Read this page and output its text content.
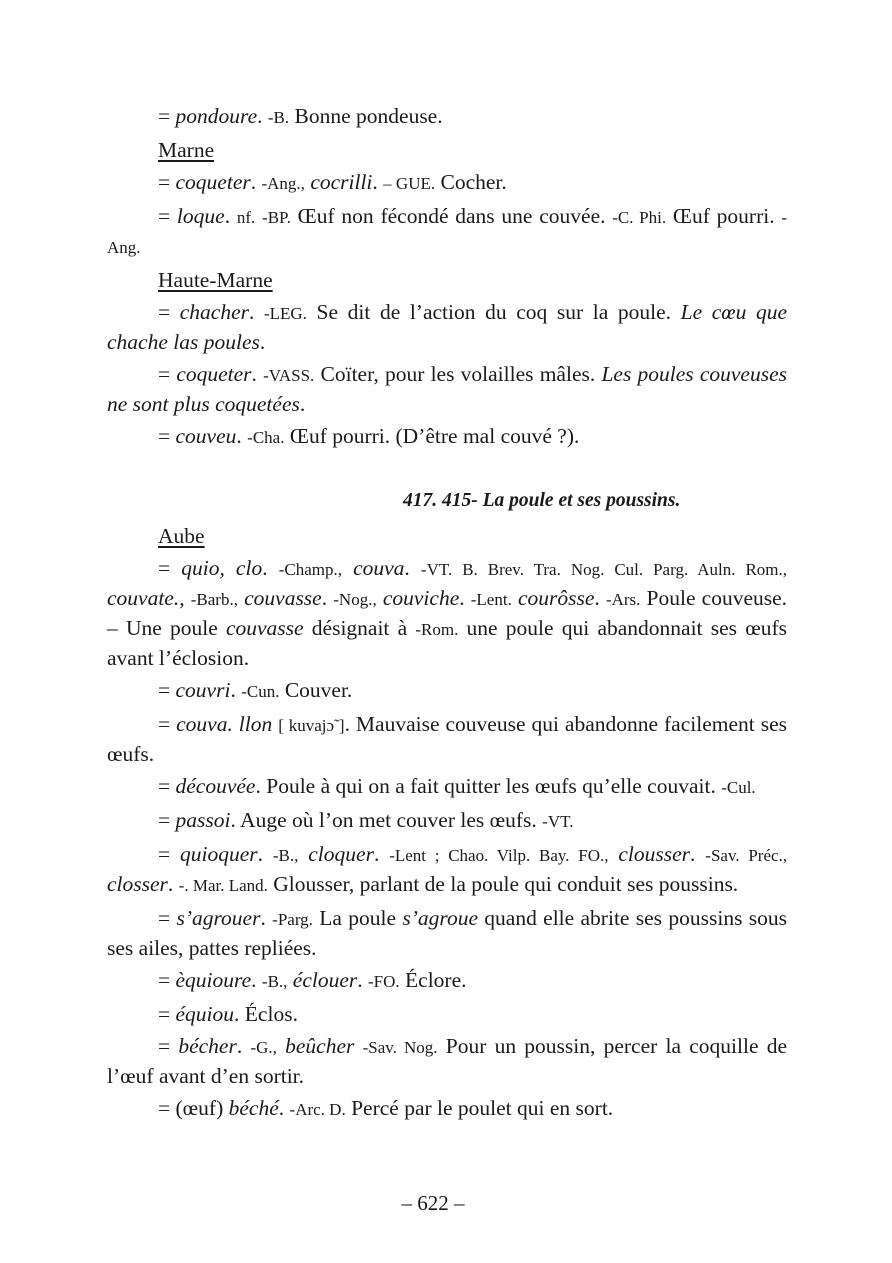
= pondoure. -B. Bonne pondeuse.

Marne

= coqueter. -Ang., cocrilli. – GUE. Cocher.

= loque. nf. -BP. Œuf non fécondé dans une couvée. -C. Phi. Œuf pourri. -Ang.

Haute-Marne

= chacher. -LEG. Se dit de l’action du coq sur la poule. Le cœu que chache las poules.

= coqueter. -VASS. Coïter, pour les volailles mâles. Les poules couveuses ne sont plus coquetées.

= couveu. -Cha. Œuf pourri. (D’être mal couvé ?).

417. 415- La poule et ses poussins.

Aube

= quio, clo. -Champ., couva. -VT. B. Brev. Tra. Nog. Cul. Parg. Auln. Rom., couvate., -Barb., couvasse. -Nog., couviche. -Lent. courôsse. -Ars. Poule couveuse. – Une poule couvasse désignait à -Rom. une poule qui abandonnait ses œufs avant l’éclosion.

= couvri. -Cun. Couver.

= couva. llon [ kuvajɔ̃ ]. Mauvaise couveuse qui abandonne facilement ses œufs.

= découvée. Poule à qui on a fait quitter les œufs qu’elle couvait. -Cul.

= passoi. Auge où l’on met couver les œufs. -VT.

= quioquer. -B., cloquer. -Lent ; Chao. Vilp. Bay. FO., clousser. -Sav. Préc., closser. -. Mar. Land. Glousser, parlant de la poule qui conduit ses poussins.

= s’agrouer. -Parg. La poule s’agroue quand elle abrite ses poussins sous ses ailes, pattes repliées.

= èquioure. -B., éclouer. -FO. Éclore.

= équiou. Éclos.

= bécher. -G., beûcher -Sav. Nog. Pour un poussin, percer la coquille de l’œuf avant d’en sortir.

= (œuf) béché. -Arc. D. Percé par le poulet qui en sort.

– 622 –
